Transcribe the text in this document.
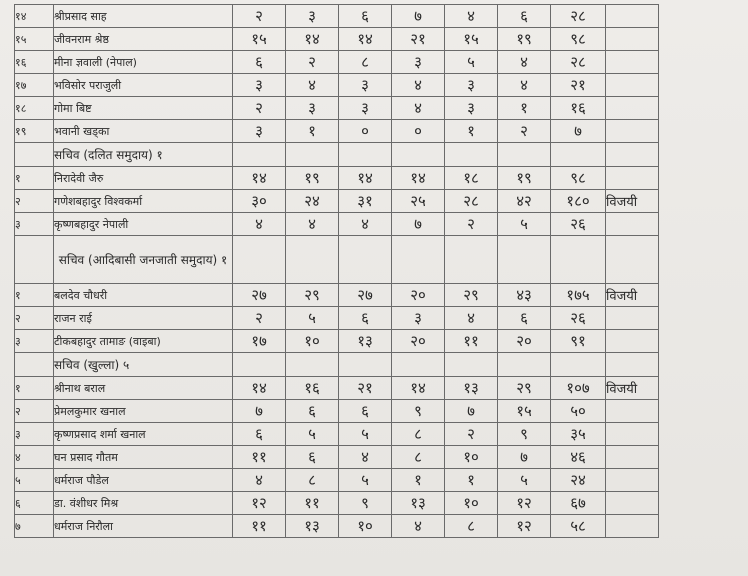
१४	श्रीप्रसाद साह	२	३	६	७	४	६	२८	
१५	जीवनराम श्रेष्ठ	१५	१४	१४	२१	१५	१९	९८	
१६	मीना ज्ञवाली (नेपाल)	६	२	८	३	५	४	२८	
१७	भविसोर पराजुली	३	४	३	४	३	४	२१	
१८	गोमा बिष्ट	२	३	३	४	३	१	१६	
१९	भवानी खड्का	३	१	०	०	१	२	७	
	सचिव (दलित समुदाय) १								
१	निरादेवी जैरु	१४	१९	१४	१४	१८	१९	९८	
२	गणेशबहादुर विश्वकर्मा	३०	२४	३१	२५	२८	४२	१८०	विजयी
३	कृष्णबहादुर नेपाली	४	४	४	७	२	५	२६	
	सचिव (आदिबासी जनजाती समुदाय) १								
१	बलदेव चौधरी	२७	२९	२७	२०	२९	४३	१७५	विजयी
२	राजन राई	२	५	६	३	४	६	२६	
३	टीकबहादुर तामाङ (वाइबा)	१७	१०	१३	२०	११	२०	९१	
	सचिव (खुल्ला) ५								
१	श्रीनाथ बराल	१४	१६	२१	१४	१३	२९	१०७	विजयी
२	प्रेमलकुमार खनाल	७	६	६	९	७	१५	५०	
३	कृष्णप्रसाद शर्मा खनाल	६	५	५	८	२	९	३५	
४	घन प्रसाद गौतम	११	६	४	८	१०	७	४६	
५	धर्मराज पौडेल	४	८	५	१	१	५	२४	
६	डा. वंशीधर मिश्र	१२	११	९	१३	१०	१२	६७	
७	धर्मराज निरौला	११	१३	१०	४	८	१२	५८	
